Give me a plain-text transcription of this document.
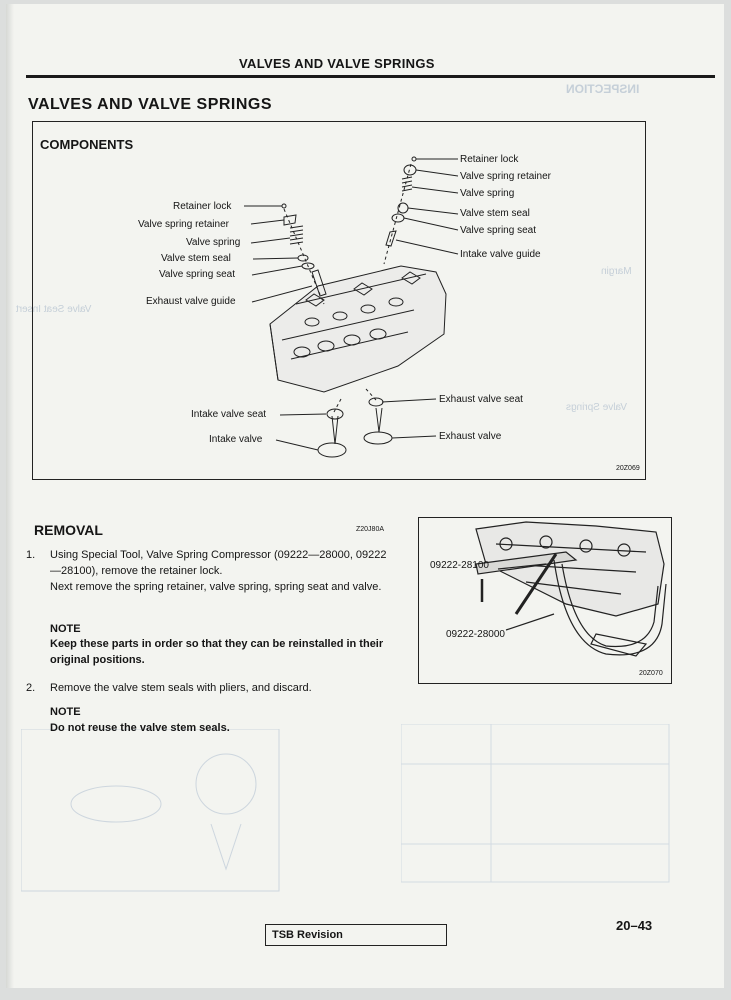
INSPECTION
Valve Seat Insert
Valve Springs
Margin
VALVES AND VALVE SPRINGS
VALVES AND VALVE SPRINGS
COMPONENTS
Retainer lock
Valve spring retainer
Valve spring
Valve stem seal
Valve spring seat
Intake valve guide
Exhaust valve seat
Exhaust valve
Retainer lock
Valve spring retainer
Valve spring
Valve stem seal
Valve spring seat
Exhaust valve guide
Intake valve seat
Intake valve
20Z069
REMOVAL	Z20J80A
1.	Using Special Tool, Valve Spring Compressor (09222—28000, 09222—28100), remove the retainer lock.
Next remove the spring retainer, valve spring, spring seat and valve.
NOTE
Keep these parts in order so that they can be reinstalled in their original positions.
2.	Remove the valve stem seals with pliers, and discard.
NOTE
Do not reuse the valve stem seals.
09222-28100
09222-28000
20Z070
TSB Revision
20–43
